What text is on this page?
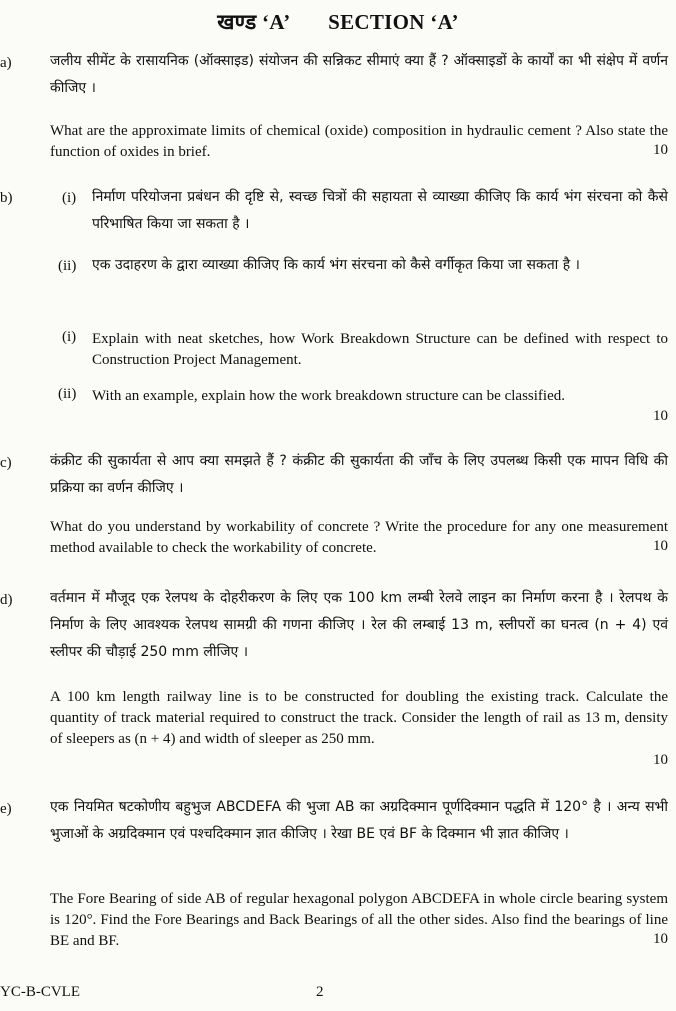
खण्ड ‘A’ SECTION ‘A’
a)	जलीय सीमेंट के रासायनिक (ऑक्साइड) संयोजन की सन्निकट सीमाएं क्या हैं ? ऑक्साइडों के कार्यों का भी संक्षेप में वर्णन कीजिए ।
What are the approximate limits of chemical (oxide) composition in hydraulic cement ? Also state the function of oxides in brief.	10
b)	(i) निर्माण परियोजना प्रबंधन की दृष्टि से, स्वच्छ चित्रों की सहायता से व्याख्या कीजिए कि कार्य भंग संरचना को कैसे परिभाषित किया जा सकता है ।
(ii) एक उदाहरण के द्वारा व्याख्या कीजिए कि कार्य भंग संरचना को कैसे वर्गीकृत किया जा सकता है ।
(i) Explain with neat sketches, how Work Breakdown Structure can be defined with respect to Construction Project Management.
(ii) With an example, explain how the work breakdown structure can be classified.
10
c)	कंक्रीट की सुकार्यता से आप क्या समझते हैं ? कंक्रीट की सुकार्यता की जाँच के लिए उपलब्ध किसी एक मापन विधि की प्रक्रिया का वर्णन कीजिए ।
What do you understand by workability of concrete ? Write the procedure for any one measurement method available to check the workability of concrete.	10
d)	वर्तमान में मौजूद एक रेलपथ के दोहरीकरण के लिए एक 100 km लम्बी रेलवे लाइन का निर्माण करना है । रेलपथ के निर्माण के लिए आवश्यक रेलपथ सामग्री की गणना कीजिए । रेल की लम्बाई 13 m, स्लीपरों का घनत्व (n + 4) एवं स्लीपर की चौड़ाई 250 mm लीजिए ।
A 100 km length railway line is to be constructed for doubling the existing track. Calculate the quantity of track material required to construct the track. Consider the length of rail as 13 m, density of sleepers as (n + 4) and width of sleeper as 250 mm.
10
e)	एक नियमित षटकोणीय बहुभुज ABCDEFA की भुजा AB का अग्रदिक्मान पूर्णदिक्मान पद्धति में 120° है । अन्य सभी भुजाओं के अग्रदिक्मान एवं पश्चदिक्मान ज्ञात कीजिए । रेखा BE एवं BF के दिक्मान भी ज्ञात कीजिए ।
The Fore Bearing of side AB of regular hexagonal polygon ABCDEFA in whole circle bearing system is 120°. Find the Fore Bearings and Back Bearings of all the other sides. Also find the bearings of line BE and BF.	10
YC-B-CVLE	2
